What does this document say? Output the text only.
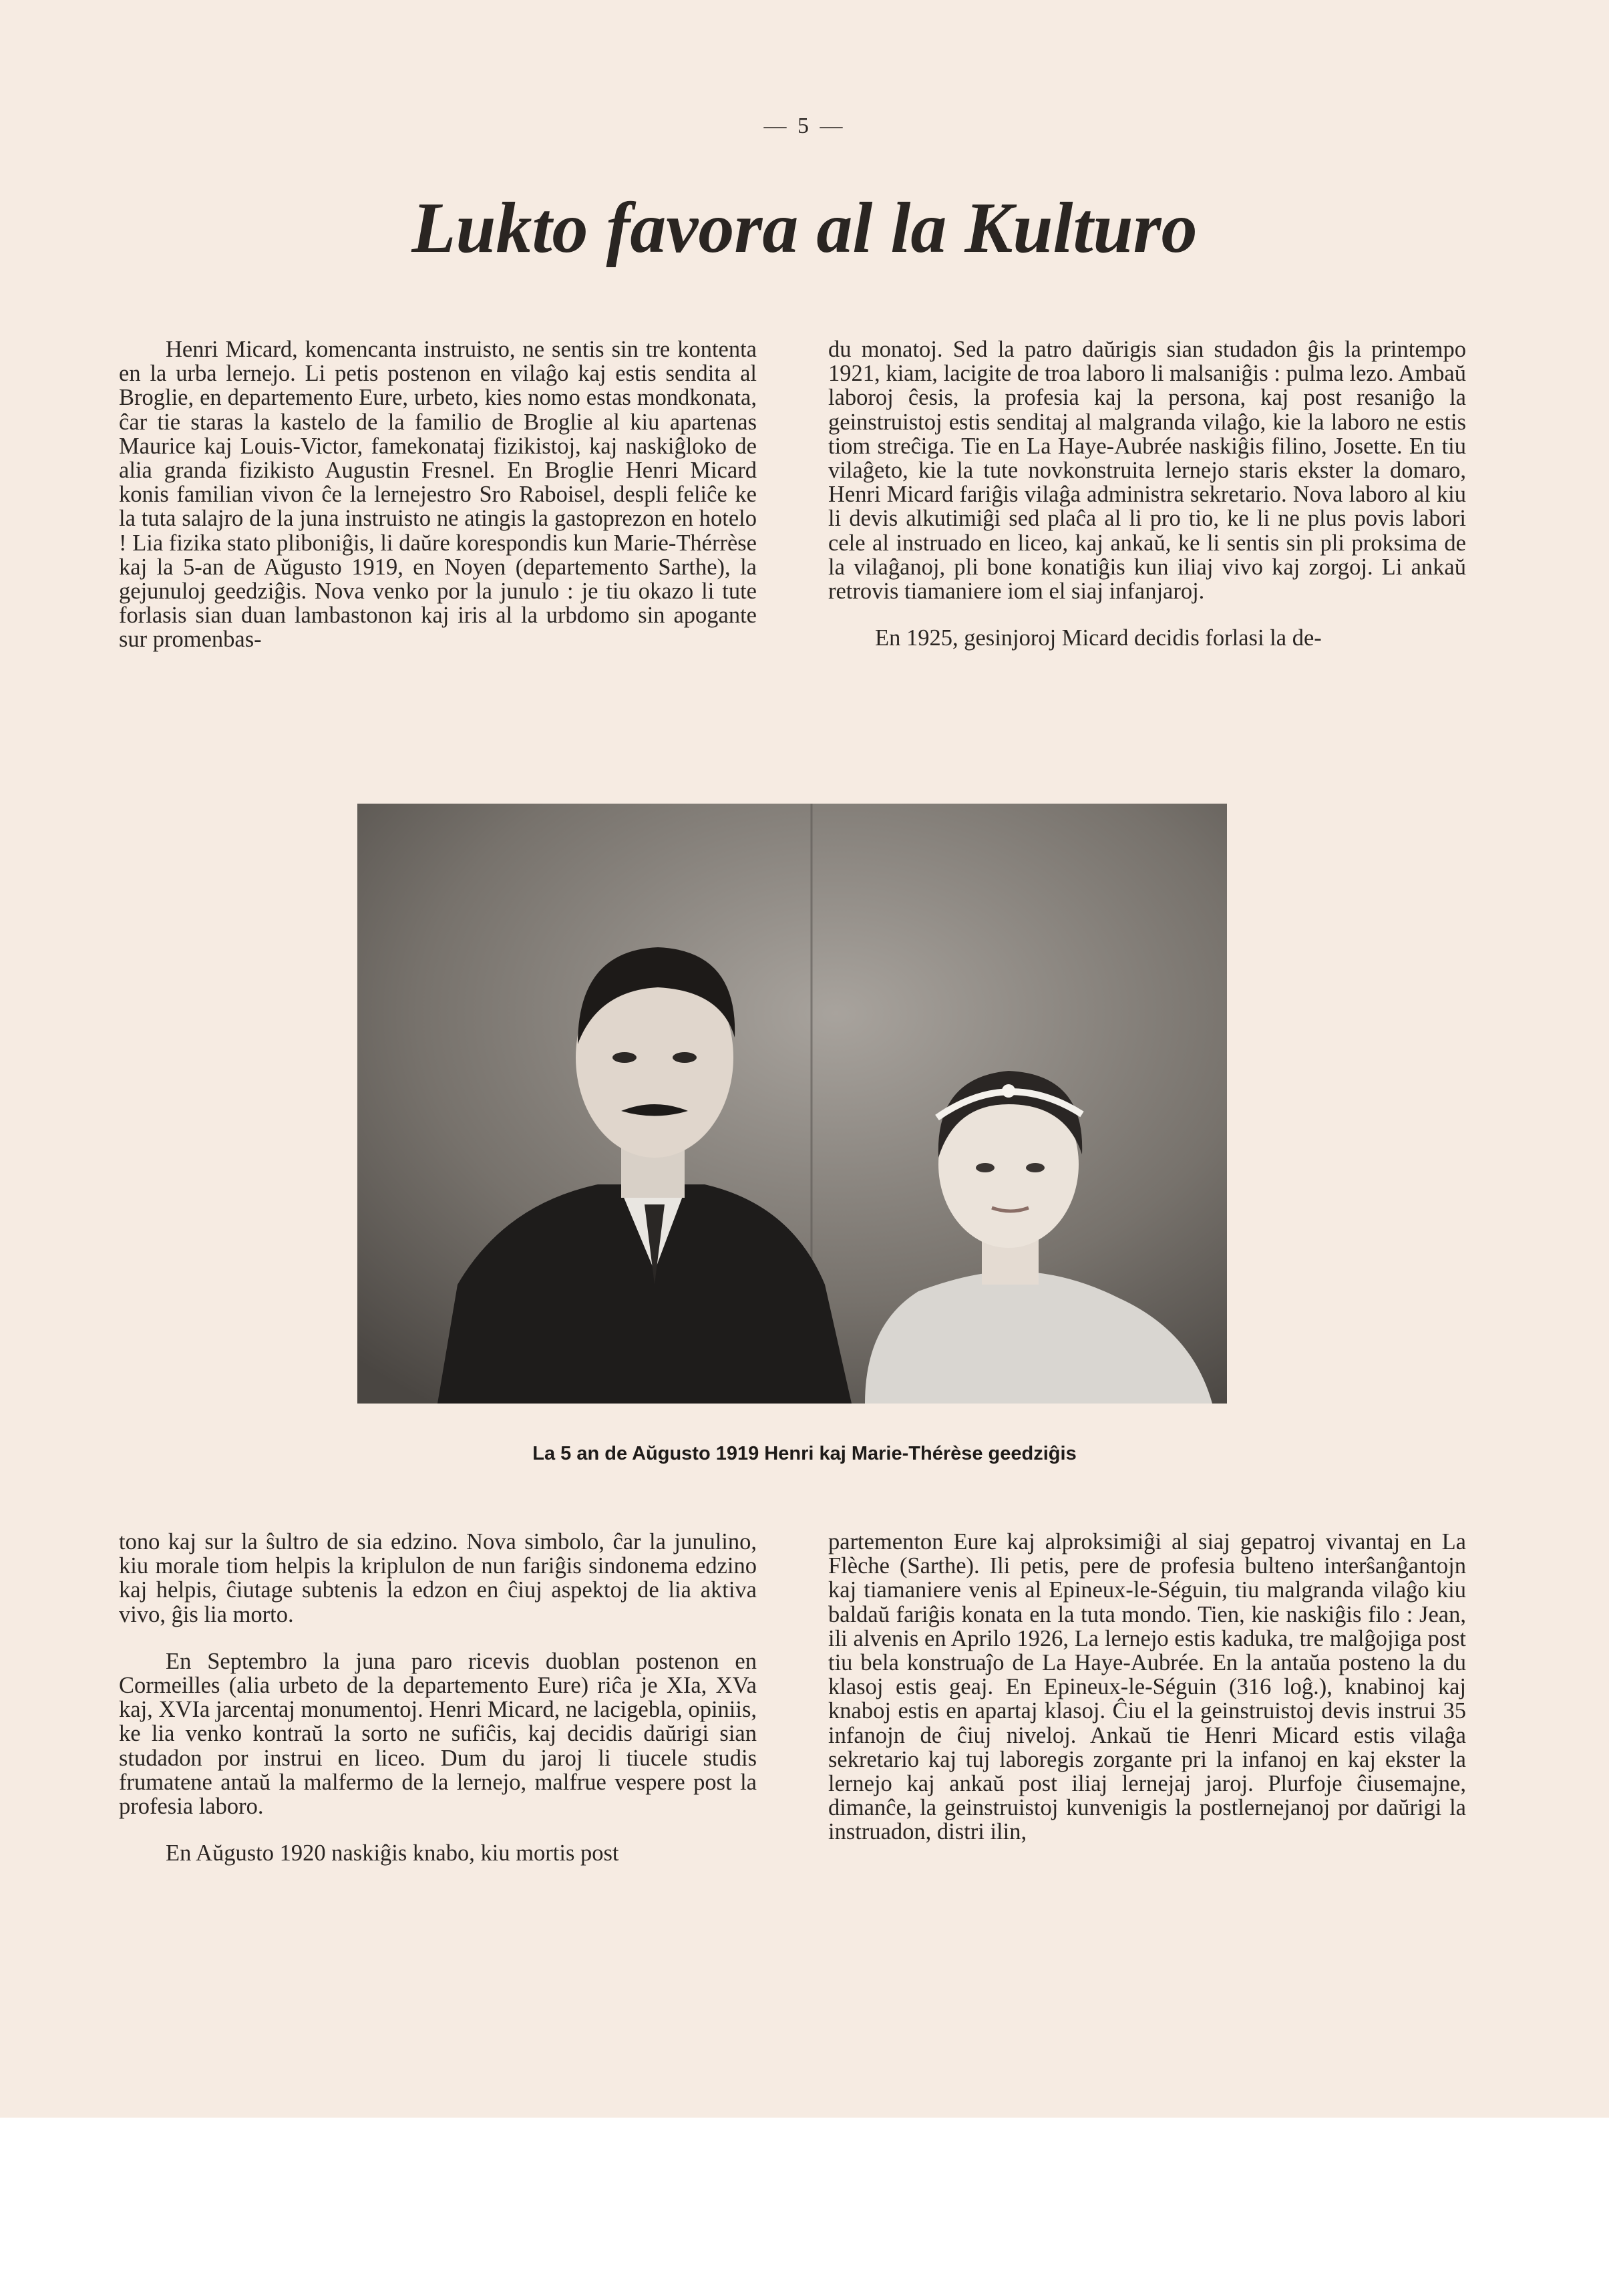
— 5 —
Lukto favora al la Kulturo

Henri Micard, komencanta instruisto, ne sentis sin tre kontenta en la urba lernejo. Li petis postenon en vilaĝo kaj estis sendita al Broglie, en departemento Eure, urbeto, kies nomo estas mondkonata, ĉar tie staras la kastelo de la familio de Broglie al kiu apartenas Maurice kaj Louis-Victor, famekonataj fizikistoj, kaj naskiĝloko de alia granda fizikisto Augustin Fresnel. En Broglie Henri Micard konis familian vivon ĉe la lernejestro Sro Raboisel, despli feliĉe ke la tuta salajro de la juna instruisto ne atingis la gastoprezon en hotelo ! Lia fizika stato pliboniĝis, li daŭre korespondis kun Marie-Thérrèse kaj la 5-an de Aŭgusto 1919, en Noyen (departemento Sarthe), la gejunuloj geedziĝis. Nova venko por la junulo : je tiu okazo li tute forlasis sian duan lambastonon kaj iris al la urbdomo sin apogante sur promenbas-

du monatoj. Sed la patro daŭrigis sian studadon ĝis la printempo 1921, kiam, lacigite de troa laboro li malsaniĝis : pulma lezo. Ambaŭ laboroj ĉesis, la profesia kaj la persona, kaj post resaniĝo la geinstruistoj estis senditaj al malgranda vilaĝo, kie la laboro ne estis tiom streĉiga. Tie en La Haye-Aubrée naskiĝis filino, Josette. En tiu vilaĝeto, kie la tute novkonstruita lernejo staris ekster la domaro, Henri Micard fariĝis vilaĝa administra sekretario. Nova laboro al kiu li devis alkutimiĝi sed plaĉa al li pro tio, ke li ne plus povis labori cele al instruado en liceo, kaj ankaŭ, ke li sentis sin pli proksima de la vilaĝanoj, pli bone konatiĝis kun iliaj vivo kaj zorgoj. Li ankaŭ retrovis tiamaniere iom el siaj infanjaroj.

En 1925, gesinjoroj Micard decidis forlasi la de-

La 5 an de Aŭgusto 1919 Henri kaj Marie-Thérèse geedziĝis

tono kaj sur la ŝultro de sia edzino. Nova simbolo, ĉar la junulino, kiu morale tiom helpis la kriplulon de nun fariĝis sindonema edzino kaj helpis, ĉiutage subtenis la edzon en ĉiuj aspektoj de lia aktiva vivo, ĝis lia morto.

En Septembro la juna paro ricevis duoblan postenon en Cormeilles (alia urbeto de la departemento Eure) riĉa je XIa, XVa kaj, XVIa jarcentaj monumentoj. Henri Micard, ne lacigebla, opiniis, ke lia venko kontraŭ la sorto ne sufiĉis, kaj decidis daŭrigi sian studadon por instrui en liceo. Dum du jaroj li tiucele studis frumatene antaŭ la malfermo de la lernejo, malfrue vespere post la profesia laboro.

En Aŭgusto 1920 naskiĝis knabo, kiu mortis post

partementon Eure kaj alproksimiĝi al siaj gepatroj vivantaj en La Flèche (Sarthe). Ili petis, pere de profesia bulteno interŝanĝantojn kaj tiamaniere venis al Epineux-le-Séguin, tiu malgranda vilaĝo kiu baldaŭ fariĝis konata en la tuta mondo. Tien, kie naskiĝis filo : Jean, ili alvenis en Aprilo 1926, La lernejo estis kaduka, tre malĝojiga post tiu bela konstruaĵo de La Haye-Aubrée. En la antaŭa posteno la du klasoj estis geaj. En Epineux-le-Séguin (316 loĝ.), knabinoj kaj knaboj estis en apartaj klasoj. Ĉiu el la geinstruistoj devis instrui 35 infanojn de ĉiuj niveloj. Ankaŭ tie Henri Micard estis vilaĝa sekretario kaj tuj laboregis zorgante pri la infanoj en kaj ekster la lernejo kaj ankaŭ post iliaj lernejaj jaroj. Plurfoje ĉiusemajne, dimanĉe, la geinstruistoj kunvenigis la postlernejanoj por daŭrigi la instruadon, distri ilin,
